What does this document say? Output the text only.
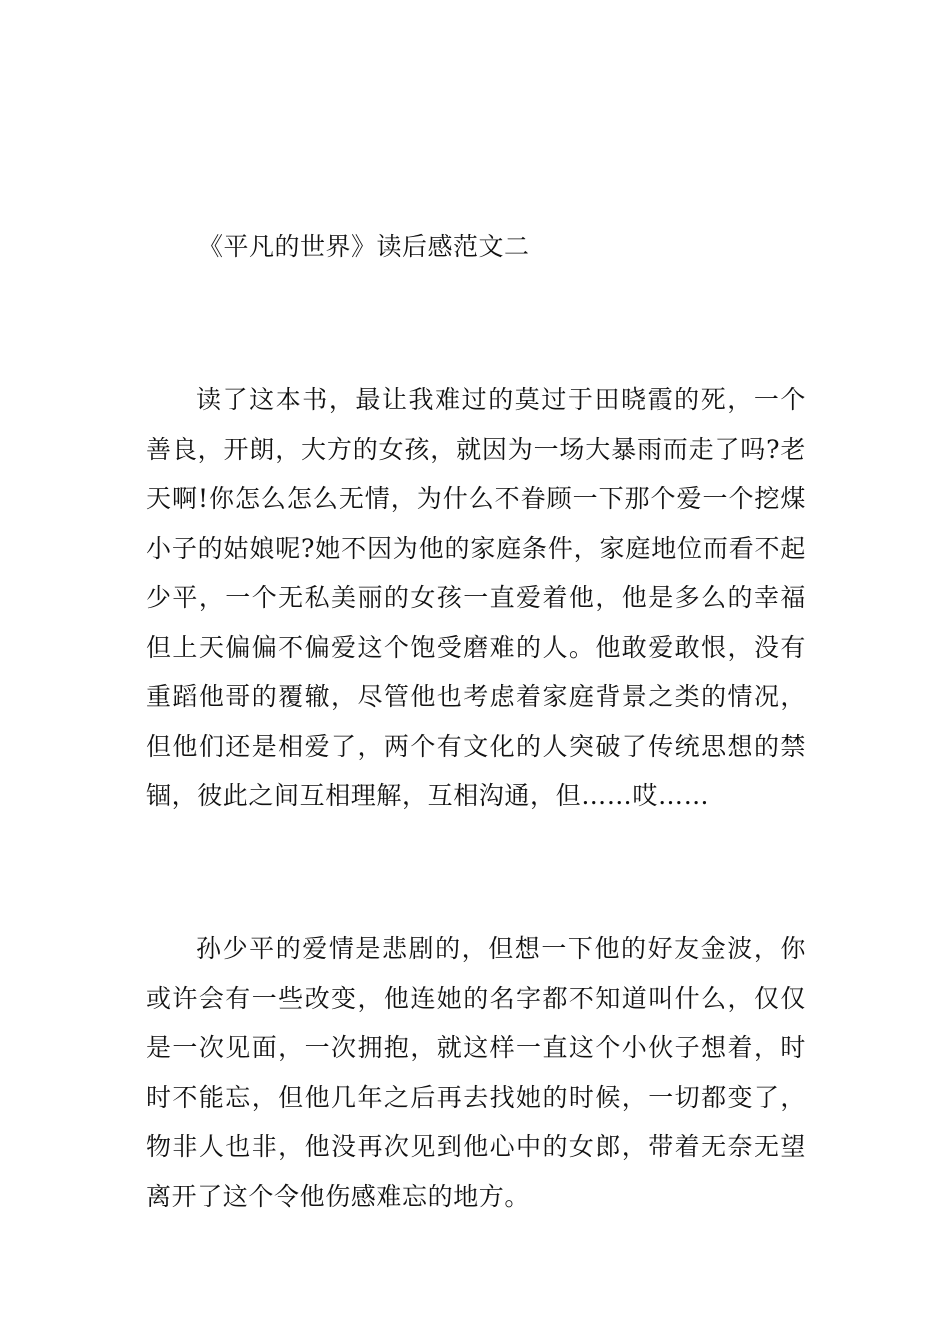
《平凡的世界》读后感范文二

读了这本书，最让我难过的莫过于田晓霞的死，一个善良，开朗，大方的女孩，就因为一场大暴雨而走了吗?老天啊!你怎么怎么无情，为什么不眷顾一下那个爱一个挖煤小子的姑娘呢?她不因为他的家庭条件，家庭地位而看不起少平，一个无私美丽的女孩一直爱着他，他是多么的幸福但上天偏偏不偏爱这个饱受磨难的人。他敢爱敢恨，没有重蹈他哥的覆辙，尽管他也考虑着家庭背景之类的情况，但他们还是相爱了，两个有文化的人突破了传统思想的禁锢，彼此之间互相理解，互相沟通，但……哎……

孙少平的爱情是悲剧的，但想一下他的好友金波，你或许会有一些改变，他连她的名字都不知道叫什么，仅仅是一次见面，一次拥抱，就这样一直这个小伙子想着，时时不能忘，但他几年之后再去找她的时候，一切都变了，物非人也非，他没再次见到他心中的女郎，带着无奈无望离开了这个令他伤感难忘的地方。
